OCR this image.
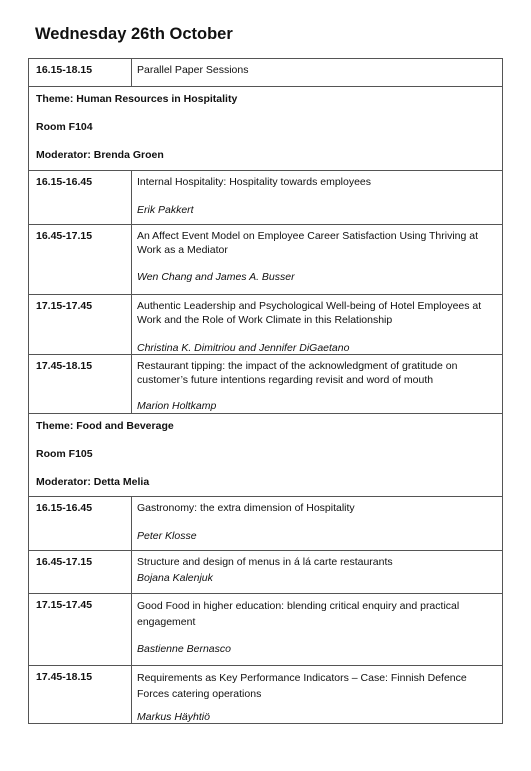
Wednesday 26th October
16.15-18.15	Parallel Paper Sessions

Theme: Human Resources in Hospitality

Room F104

Moderator: Brenda Groen

16.15-16.45	Internal Hospitality: Hospitality towards employees

Erik Pakkert

16.45-17.15	An Affect Event Model on Employee Career Satisfaction Using Thriving at Work as a Mediator

Wen Chang and James A. Busser

17.15-17.45	Authentic Leadership and Psychological Well-being of Hotel Employees at Work and the Role of Work Climate in this Relationship

Christina K. Dimitriou and Jennifer DiGaetano

17.45-18.15	Restaurant tipping: the impact of the acknowledgment of gratitude on customer’s future intentions regarding revisit and word of mouth

Marion Holtkamp

Theme: Food and Beverage

Room F105

Moderator: Detta Melia

16.15-16.45	Gastronomy: the extra dimension of Hospitality

Peter Klosse

16.45-17.15	Structure and design of menus in á lá carte restaurants

Bojana Kalenjuk

17.15-17.45	Good Food in higher education: blending critical enquiry and practical engagement

Bastienne Bernasco

17.45-18.15	Requirements as Key Performance Indicators – Case: Finnish Defence Forces catering operations

Markus Häyhtiö
